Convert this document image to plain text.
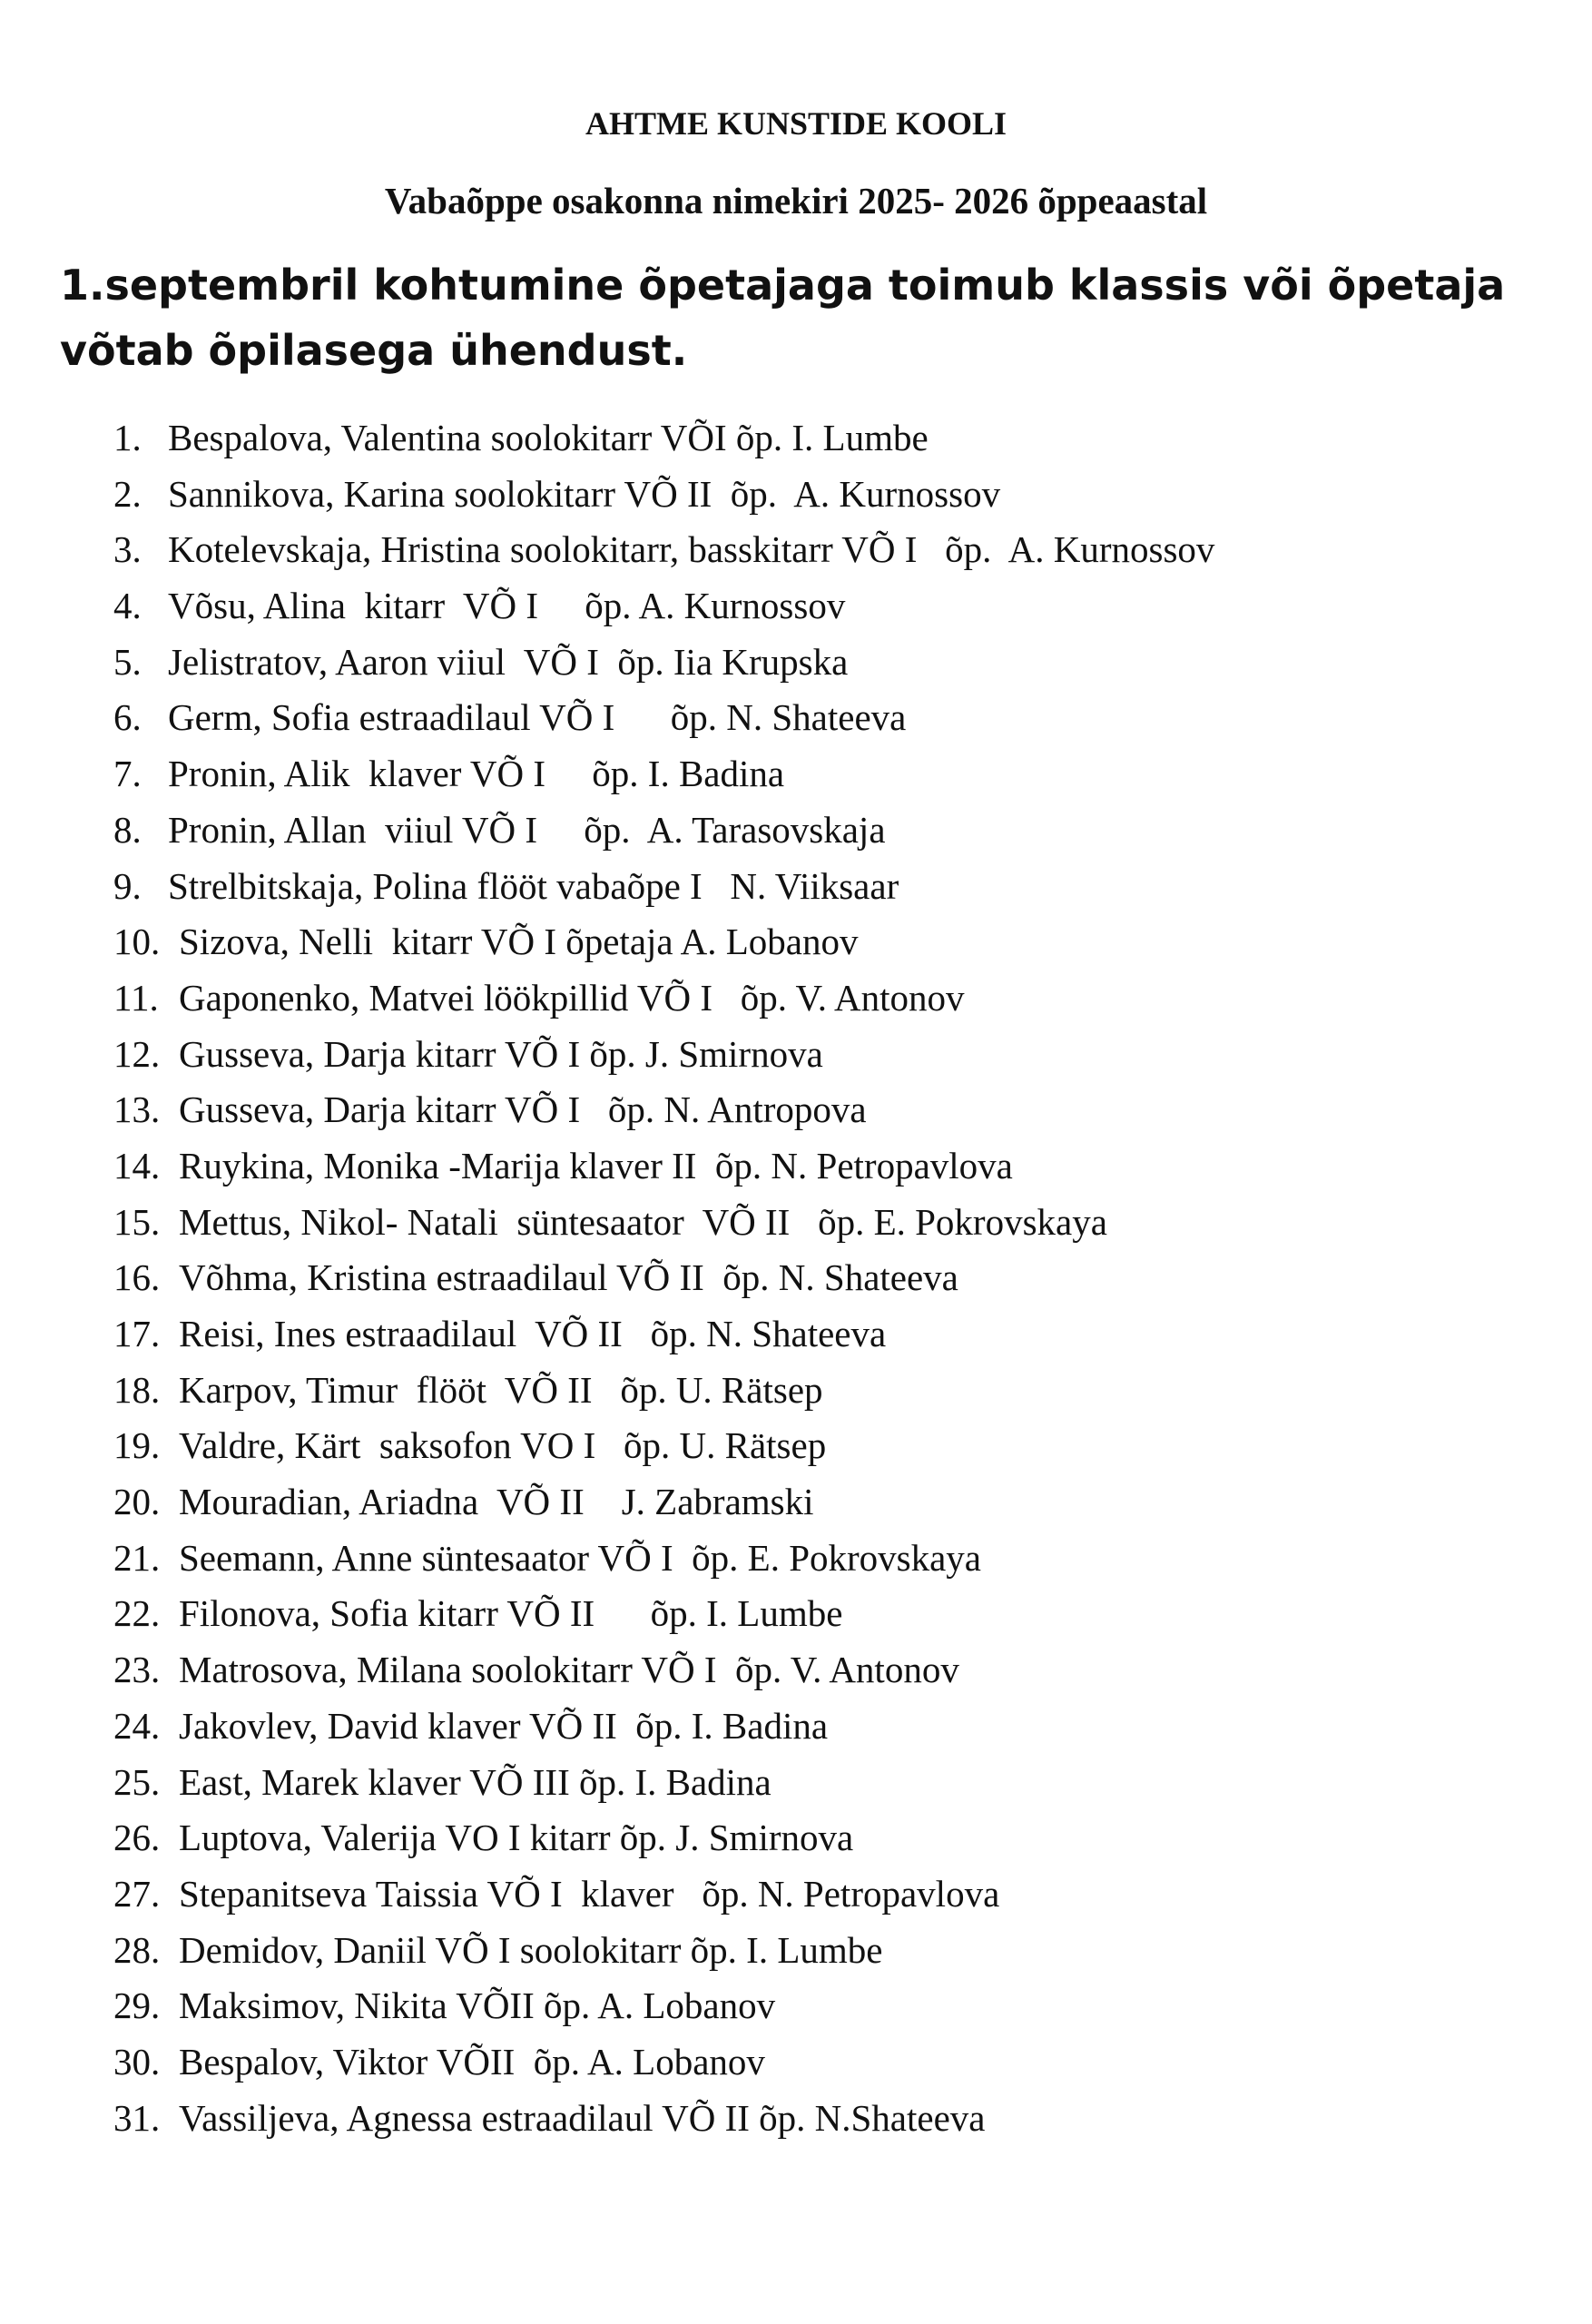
AHTME KUNSTIDE KOOLI
Vabaõppe osakonna nimekiri 2025- 2026 õppeaastal
1.septembril kohtumine õpetajaga toimub klassis või õpetaja võtab õpilasega ühendust.
1. Bespalova, Valentina soolokitarr VÕI õp. I. Lumbe
2. Sannikova, Karina soolokitarr VÕ II  õp.  A. Kurnossov
3. Kotelevskaja, Hristina soolokitarr, basskitarr VÕ I   õp.  A. Kurnossov
4. Võsu, Alina  kitarr  VÕ I     õp. A. Kurnossov
5. Jelistratov, Aaron viiul  VÕ I  õp. Iia Krupska
6. Germ, Sofia estraadilaul VÕ I      õp. N. Shateeva
7. Pronin, Alik  klaver VÕ I     õp. I. Badina
8. Pronin, Allan  viiul VÕ I     õp.  A. Tarasovskaja
9. Strelbitskaja, Polina flööt vabaõpe I   N. Viiksaar
10. Sizova, Nelli  kitarr VÕ I õpetaja A. Lobanov
11. Gaponenko, Matvei löökpillid VÕ I   õp. V. Antonov
12. Gusseva, Darja kitarr VÕ I õp. J. Smirnova
13. Gusseva, Darja kitarr VÕ I   õp. N. Antropova
14. Ruykina, Monika -Marija klaver II  õp. N. Petropavlova
15. Mettus, Nikol- Natali  süntesaator  VÕ II   õp. E. Pokrovskaya
16. Võhma, Kristina estraadilaul VÕ II  õp. N. Shateeva
17. Reisi, Ines estraadilaul  VÕ II   õp. N. Shateeva
18. Karpov, Timur  flööt  VÕ II   õp. U. Rätsep
19. Valdre, Kärt  saksofon VO I   õp. U. Rätsep
20. Mouradian, Ariadna  VÕ II    J. Zabramski
21. Seemann, Anne süntesaator VÕ I  õp. E. Pokrovskaya
22. Filonova, Sofia kitarr VÕ II      õp. I. Lumbe
23. Matrosova, Milana soolokitarr VÕ I  õp. V. Antonov
24. Jakovlev, David klaver VÕ II  õp. I. Badina
25. East, Marek klaver VÕ III õp. I. Badina
26. Luptova, Valerija VO I kitarr õp. J. Smirnova
27. Stepanitseva Taissia VÕ I  klaver   õp. N. Petropavlova
28. Demidov, Daniil VÕ I soolokitarr õp. I. Lumbe
29. Maksimov, Nikita VÕII õp. A. Lobanov
30. Bespalov, Viktor VÕII  õp. A. Lobanov
31. Vassiljeva, Agnessa estraadilaul VÕ II õp. N.Shateeva
